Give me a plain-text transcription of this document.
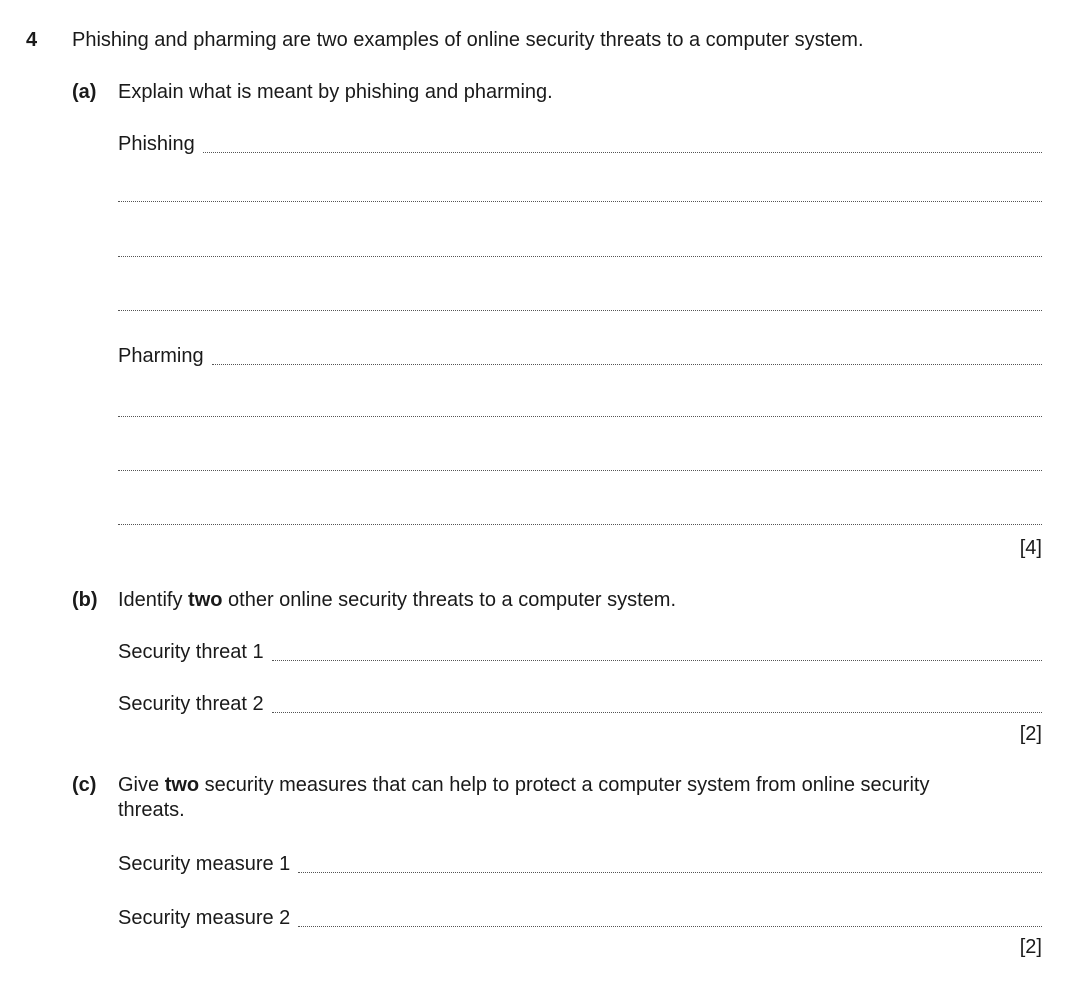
4 Phishing and pharming are two examples of online security threats to a computer system.
(a) Explain what is meant by phishing and pharming.
Phishing
Pharming
[4]
(b) Identify two other online security threats to a computer system.
Security threat 1
Security threat 2
[2]
(c) Give two security measures that can help to protect a computer system from online security
threats.
Security measure 1
Security measure 2
[2]
